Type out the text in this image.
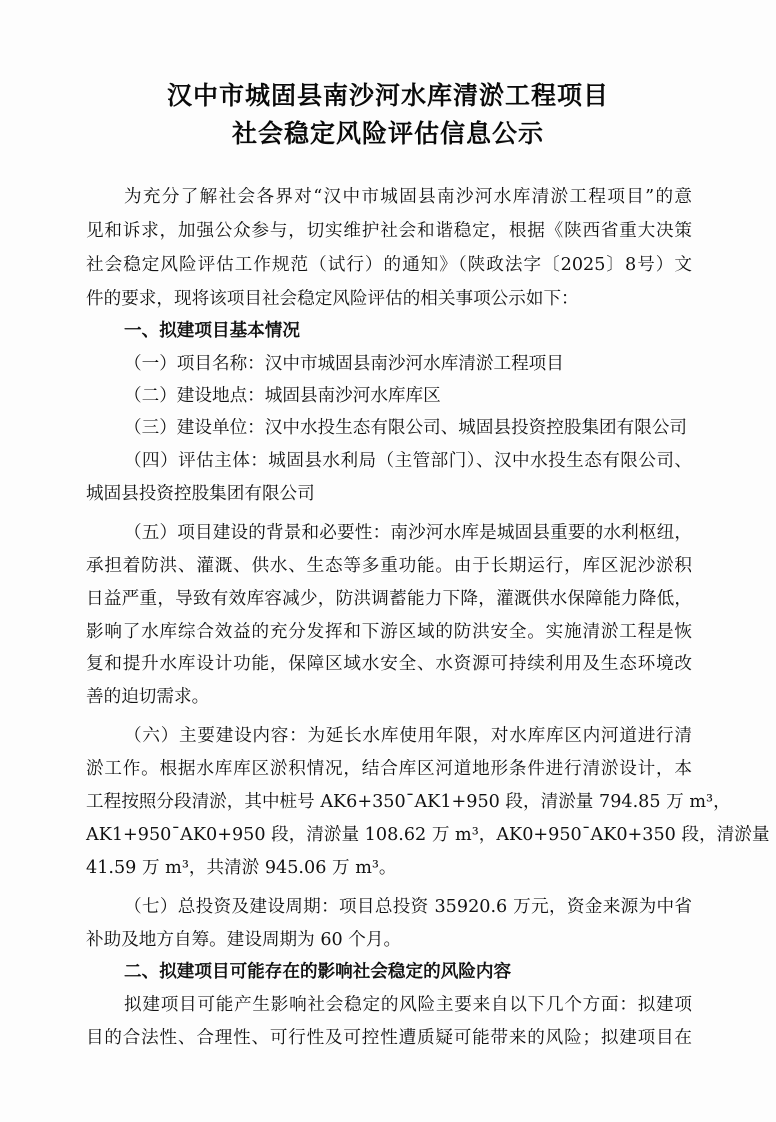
汉中市城固县南沙河水库清淤工程项目
社会稳定风险评估信息公示
为充分了解社会各界对“汉中市城固县南沙河水库清淤工程项目”的意
见和诉求，加强公众参与，切实维护社会和谐稳定，根据《陕西省重大决策
社会稳定风险评估工作规范（试行）的通知》（陕政法字〔2025〕8号）文
件的要求，现将该项目社会稳定风险评估的相关事项公示如下：
一、拟建项目基本情况
（一）项目名称：汉中市城固县南沙河水库清淤工程项目
（二）建设地点：城固县南沙河水库库区
（三）建设单位：汉中水投生态有限公司、城固县投资控股集团有限公司
（四）评估主体：城固县水利局（主管部门）、汉中水投生态有限公司、
城固县投资控股集团有限公司
（五）项目建设的背景和必要性：南沙河水库是城固县重要的水利枢纽，
承担着防洪、灌溉、供水、生态等多重功能。由于长期运行，库区泥沙淤积
日益严重，导致有效库容减少，防洪调蓄能力下降，灌溉供水保障能力降低，
影响了水库综合效益的充分发挥和下游区域的防洪安全。实施清淤工程是恢
复和提升水库设计功能，保障区域水安全、水资源可持续利用及生态环境改
善的迫切需求。
（六）主要建设内容：为延长水库使用年限，对水库库区内河道进行清
淤工作。根据水库库区淤积情况，结合库区河道地形条件进行清淤设计，本
工程按照分段清淤，其中桩号 AK6+350¯AK1+950 段，清淤量 794.85 万 m³，
AK1+950¯AK0+950 段，清淤量 108.62 万 m³，AK0+950¯AK0+350 段，清淤量
41.59 万 m³，共清淤 945.06 万 m³。
（七）总投资及建设周期：项目总投资 35920.6 万元，资金来源为中省
补助及地方自筹。建设周期为 60 个月。
二、拟建项目可能存在的影响社会稳定的风险内容
拟建项目可能产生影响社会稳定的风险主要来自以下几个方面：拟建项
目的合法性、合理性、可行性及可控性遭质疑可能带来的风险；拟建项目在
